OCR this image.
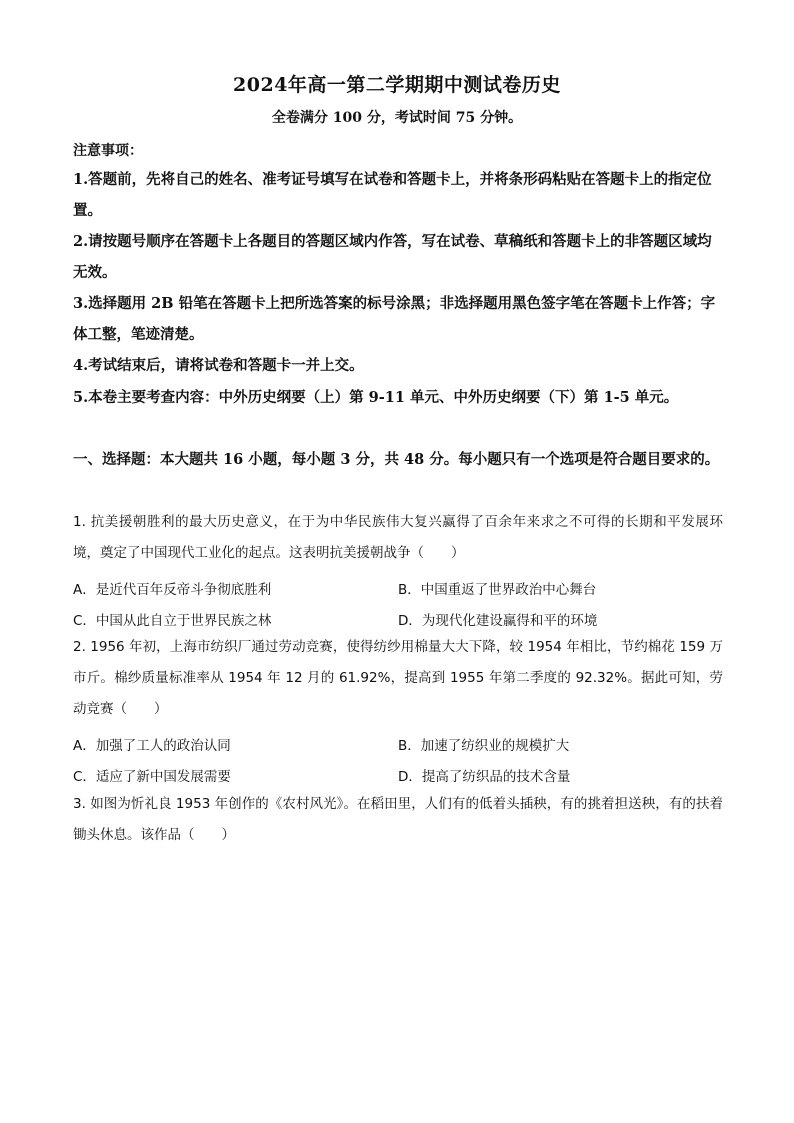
2024年高一第二学期期中测试卷历史
全卷满分 100 分，考试时间 75 分钟。
注意事项：
1.答题前，先将自己的姓名、准考证号填写在试卷和答题卡上，并将条形码粘贴在答题卡上的指定位置。
2.请按题号顺序在答题卡上各题目的答题区域内作答，写在试卷、草稿纸和答题卡上的非答题区域均无效。
3.选择题用 2B 铅笔在答题卡上把所选答案的标号涂黑；非选择题用黑色签字笔在答题卡上作答；字体工整，笔迹清楚。
4.考试结束后，请将试卷和答题卡一并上交。
5.本卷主要考查内容：中外历史纲要（上）第 9-11 单元、中外历史纲要（下）第 1-5 单元。
一、选择题：本大题共 16 小题，每小题 3 分，共 48 分。每小题只有一个选项是符合题目要求的。
1. 抗美援朝胜利的最大历史意义，在于为中华民族伟大复兴赢得了百余年来求之不可得的长期和平发展环境，奠定了中国现代工业化的起点。这表明抗美援朝战争（　　）
A．是近代百年反帝斗争彻底胜利	B．中国重返了世界政治中心舞台
C．中国从此自立于世界民族之林	D．为现代化建设赢得和平的环境
2. 1956 年初，上海市纺织厂通过劳动竞赛，使得纺纱用棉量大大下降，较 1954 年相比，节约棉花 159 万市斤。棉纱质量标准率从 1954 年 12 月的 61.92%，提高到 1955 年第二季度的 92.32%。据此可知，劳动竞赛（　　）
A．加强了工人的政治认同	B．加速了纺织业的规模扩大
C．适应了新中国发展需要	D．提高了纺织品的技术含量
3. 如图为忻礼良 1953 年创作的《农村风光》。在稻田里，人们有的低着头插秧，有的挑着担送秧，有的扶着锄头休息。该作品（　　）
